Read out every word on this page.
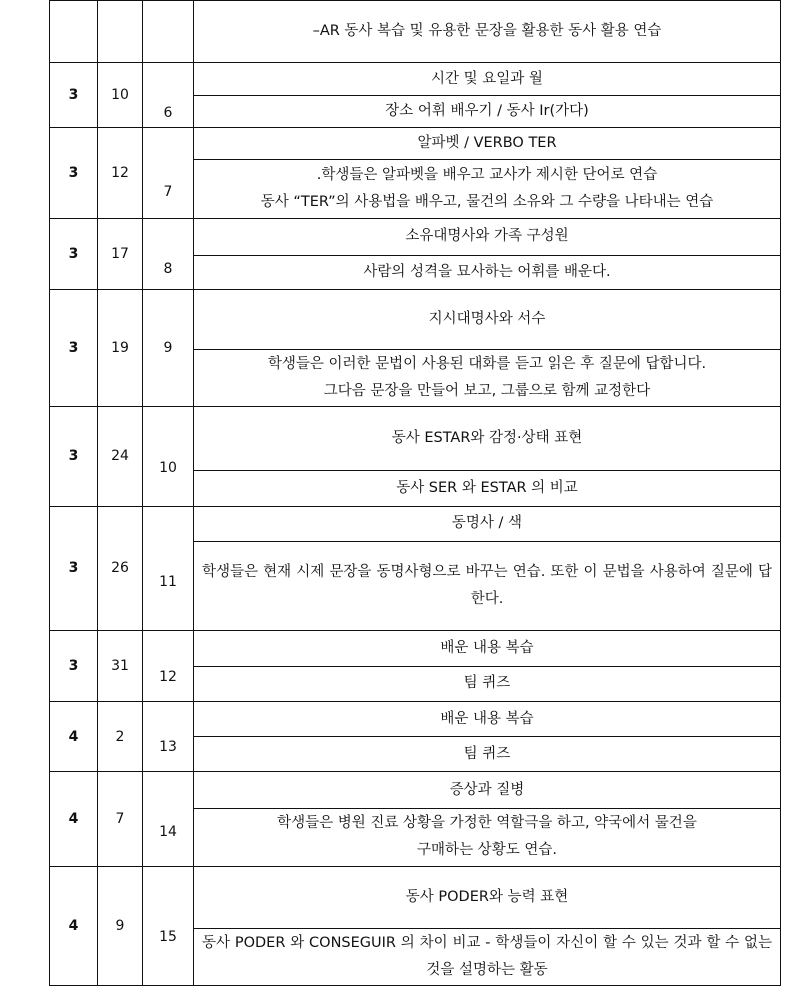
			–AR 동사 복습 및 유용한 문장을 활용한 동사 활용 연습
3	10	6	시간 및 요일과 월
			장소 어휘 배우기 / 동사 Ir(가다)
3	12	7	알파벳 / VERBO TER
			.학생들은 알파벳을 배우고 교사가 제시한 단어로 연습
동사 “TER”의 사용법을 배우고, 물건의 소유와 그 수량을 나타내는 연습
3	17	8	소유대명사와 가족 구성원
			사람의 성격을 묘사하는 어휘를 배운다.
3	19	9	지시대명사와 서수
			학생들은 이러한 문법이 사용된 대화를 듣고 읽은 후 질문에 답합니다.
그다음 문장을 만들어 보고, 그룹으로 함께 교정한다
3	24	10	동사 ESTAR와 감정·상태 표현
			동사 SER 와 ESTAR 의 비교
3	26	11	동명사 / 색
			학생들은 현재 시제 문장을 동명사형으로 바꾸는 연습. 또한 이 문법을 사용하여 질문에 답한다.
3	31	12	배운 내용 복습
			팀 퀴즈
4	2	13	배운 내용 복습
			팀 퀴즈
4	7	14	증상과 질병
			학생들은 병원 진료 상황을 가정한 역할극을 하고, 약국에서 물건을
구매하는 상황도 연습.
4	9	15	동사 PODER와 능력 표현
			동사 PODER 와 CONSEGUIR 의 차이 비교 - 학생들이 자신이 할 수 있는 것과 할 수 없는 것을 설명하는 활동
